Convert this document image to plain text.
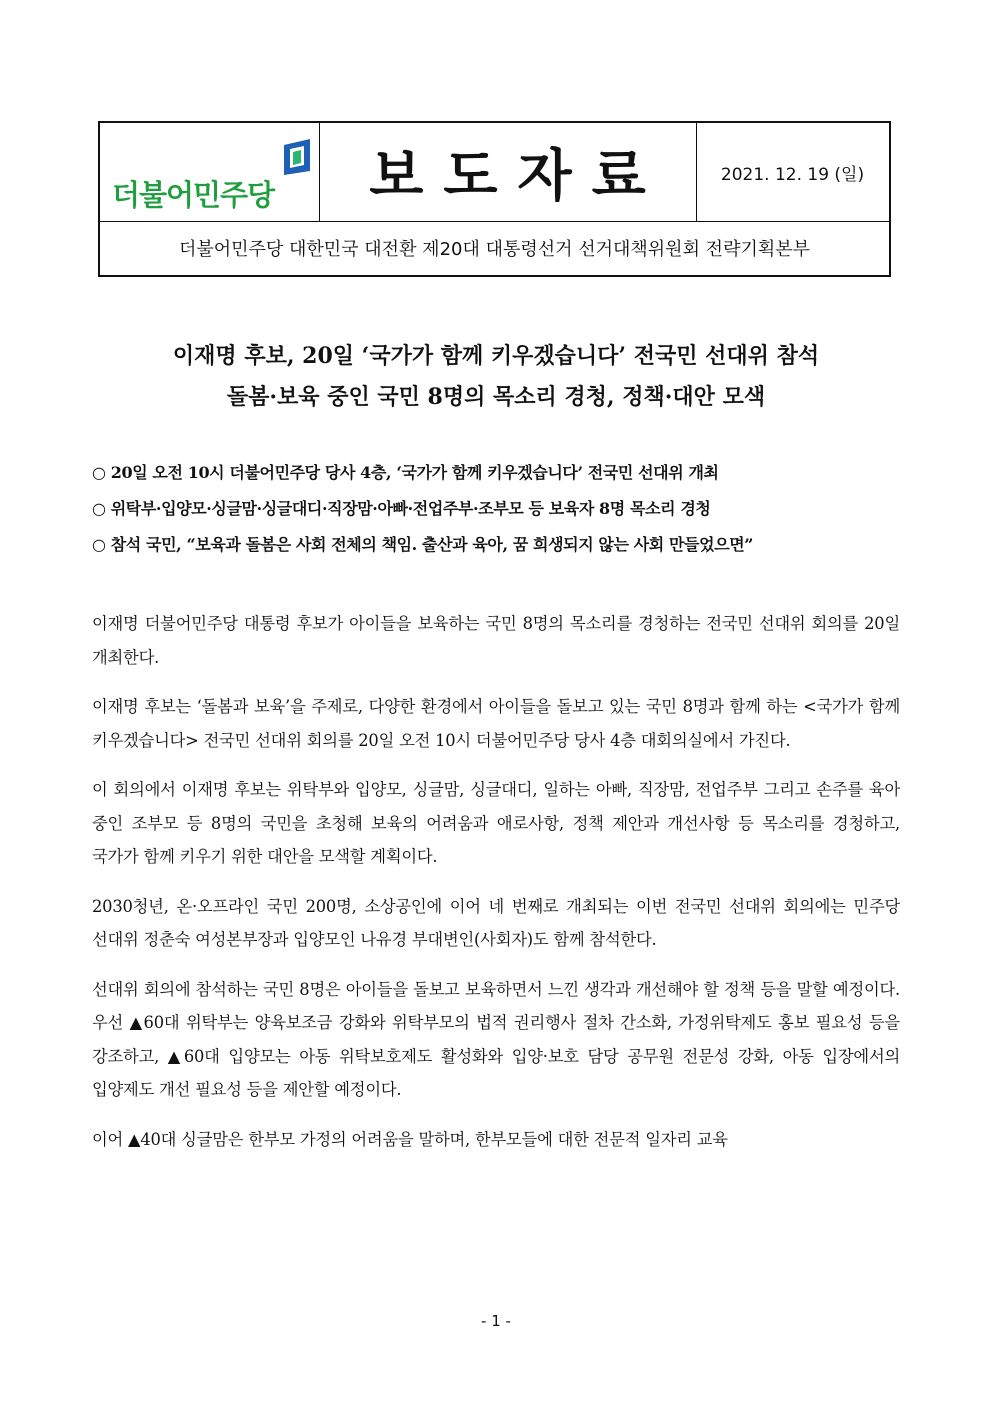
더불어민주당 보도자료	2021. 12. 19 (일)
더불어민주당 대한민국 대전환 제20대 대통령선거 선거대책위원회 전략기획본부
이재명 후보, 20일 ‘국가가 함께 키우겠습니다’ 전국민 선대위 참석
돌봄·보육 중인 국민 8명의 목소리 경청, 정책·대안 모색
○ 20일 오전 10시 더불어민주당 당사 4층, ‘국가가 함께 키우겠습니다’ 전국민 선대위 개최
○ 위탁부·입양모·싱글맘·싱글대디·직장맘·아빠·전업주부·조부모 등 보육자 8명 목소리 경청
○ 참석 국민, “보육과 돌봄은 사회 전체의 책임. 출산과 육아, 꿈 희생되지 않는 사회 만들었으면”

이재명 더불어민주당 대통령 후보가 아이들을 보육하는 국민 8명의 목소리를 경청하는 전국민 선대위 회의를 20일 개최한다.

이재명 후보는 ‘돌봄과 보육’을 주제로, 다양한 환경에서 아이들을 돌보고 있는 국민 8명과 함께 하는 <국가가 함께 키우겠습니다> 전국민 선대위 회의를 20일 오전 10시 더불어민주당 당사 4층 대회의실에서 가진다.

이 회의에서 이재명 후보는 위탁부와 입양모, 싱글맘, 싱글대디, 일하는 아빠, 직장맘, 전업주부 그리고 손주를 육아 중인 조부모 등 8명의 국민을 초청해 보육의 어려움과 애로사항, 정책 제안과 개선사항 등 목소리를 경청하고, 국가가 함께 키우기 위한 대안을 모색할 계획이다.

2030청년, 온·오프라인 국민 200명, 소상공인에 이어 네 번째로 개최되는 이번 전국민 선대위 회의에는 민주당 선대위 정춘숙 여성본부장과 입양모인 나유경 부대변인(사회자)도 함께 참석한다.

선대위 회의에 참석하는 국민 8명은 아이들을 돌보고 보육하면서 느낀 생각과 개선해야 할 정책 등을 말할 예정이다. 우선 ▲60대 위탁부는 양육보조금 강화와 위탁부모의 법적 권리행사 절차 간소화, 가정위탁제도 홍보 필요성 등을 강조하고, ▲60대 입양모는 아동 위탁보호제도 활성화와 입양·보호 담당 공무원 전문성 강화, 아동 입장에서의 입양제도 개선 필요성 등을 제안할 예정이다.

이어 ▲40대 싱글맘은 한부모 가정의 어려움을 말하며, 한부모들에 대한 전문적 일자리 교육

- 1 -
